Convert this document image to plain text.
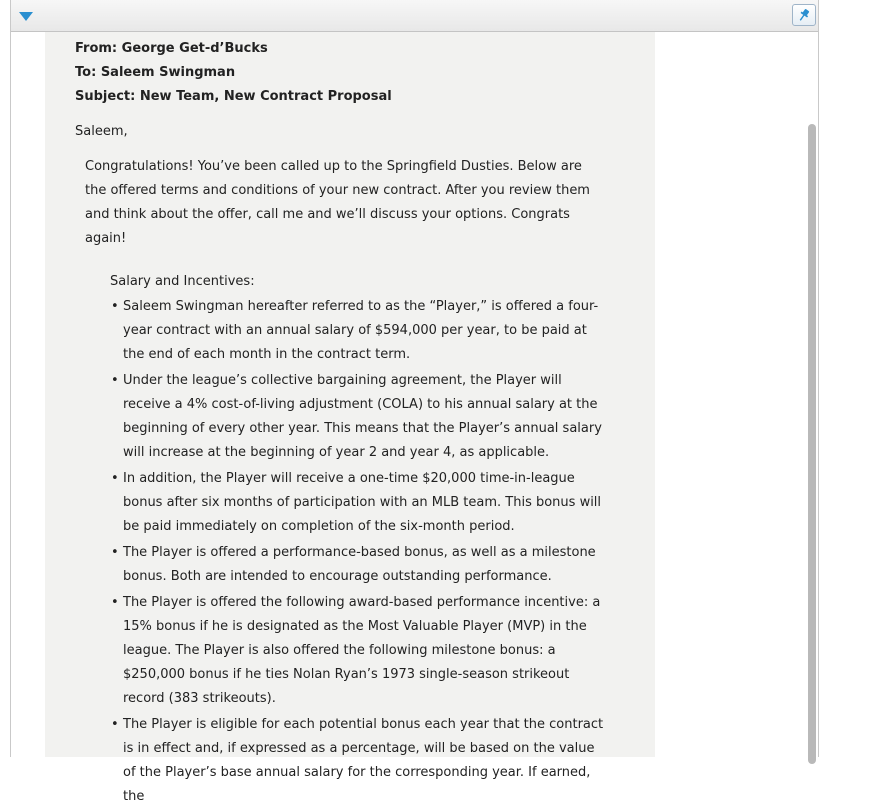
From: George Get-d’Bucks

To: Saleem Swingman

Subject: New Team, New Contract Proposal

Saleem,

Congratulations! You’ve been called up to the Springfield Dusties. Below are the offered terms and conditions of your new contract. After you review them and think about the offer, call me and we’ll discuss your options. Congrats again!

Salary and Incentives:

• Saleem Swingman hereafter referred to as the “Player,” is offered a four-year contract with an annual salary of $594,000 per year, to be paid at the end of each month in the contract term.
• Under the league’s collective bargaining agreement, the Player will receive a 4% cost-of-living adjustment (COLA) to his annual salary at the beginning of every other year. This means that the Player’s annual salary will increase at the beginning of year 2 and year 4, as applicable.
• In addition, the Player will receive a one-time $20,000 time-in-league bonus after six months of participation with an MLB team. This bonus will be paid immediately on completion of the six-month period.
• The Player is offered a performance-based bonus, as well as a milestone bonus. Both are intended to encourage outstanding performance.
• The Player is offered the following award-based performance incentive: a 15% bonus if he is designated as the Most Valuable Player (MVP) in the league. The Player is also offered the following milestone bonus: a $250,000 bonus if he ties Nolan Ryan’s 1973 single-season strikeout record (383 strikeouts).
• The Player is eligible for each potential bonus each year that the contract is in effect and, if expressed as a percentage, will be based on the value of the Player’s base annual salary for the corresponding year. If earned, the
